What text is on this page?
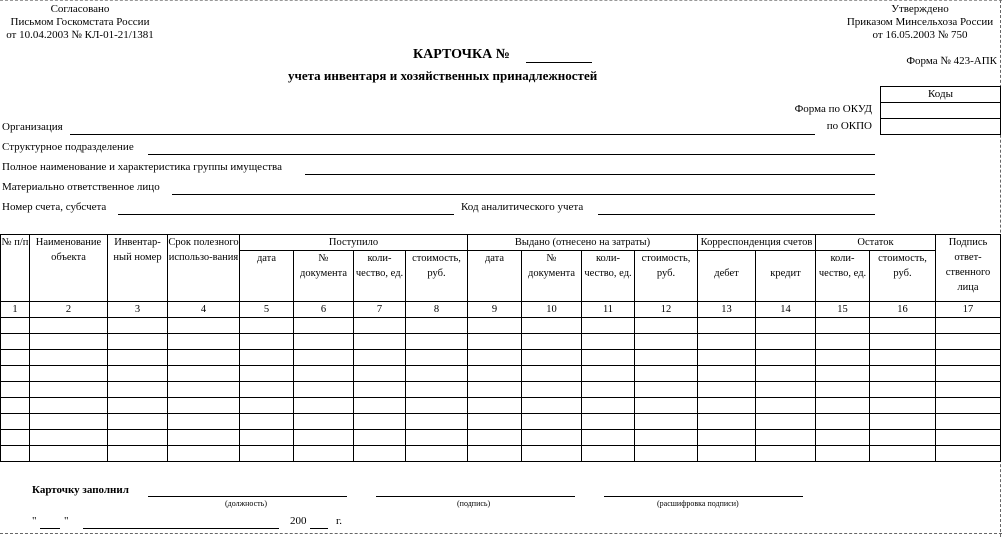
Согласовано
Письмом Госкомстата России
от 10.04.2003 № КЛ-01-21/1381
Утверждено
Приказом Минсельхоза России
от 16.05.2003 № 750
Форма № 423-АПК
КАРТОЧКА №
учета инвентаря и хозяйственных принадлежностей
Коды

Форма по ОКУД
по ОКПО
Организация
Структурное подразделение
Полное наименование и характеристика группы имущества
Материально ответственное лицо
Номер счета, субсчета	Код аналитического учета
№ п/п	Наименование объекта	Инвентар-ный номер	Срок полезного использо-вания	Поступило				Выдано (отнесено на затраты)				Корреспонденция счетов		Остаток		Подпись ответ-ственного лица
				дата	№ документа	коли-чество, ед.	стоимость, руб.	дата	№ документа	коли-чество, ед.	стоимость, руб.	дебет	кредит	коли-чество, ед.	стоимость, руб.	
1	2	3	4	5	6	7	8	9	10	11	12	13	14	15	16	17

Карточку заполнил
(должность)	(подпись)	(расшифровка подписи)
"	"	200	г.
